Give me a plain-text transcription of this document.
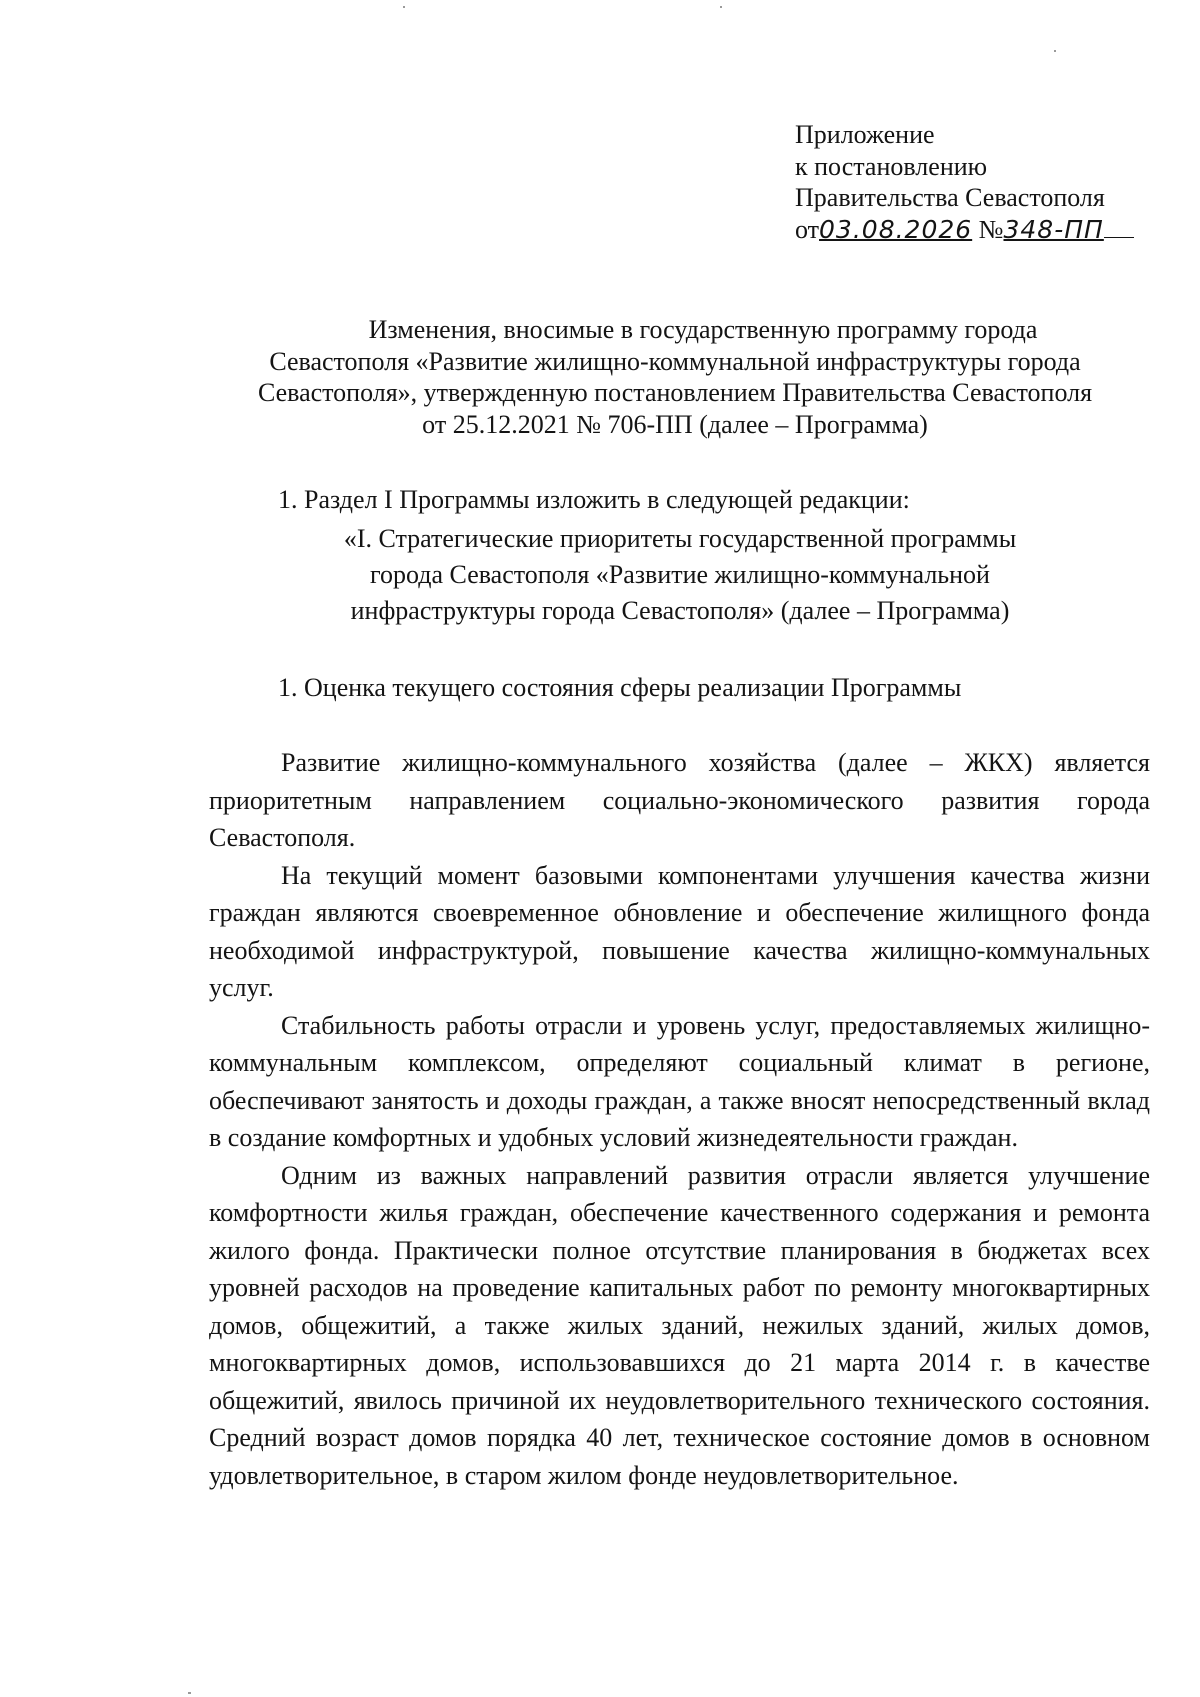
Приложение
к постановлению
Правительства Севастополя
от03.08.2026 №348-ПП
Изменения, вносимые в государственную программу города
Севастополя «Развитие жилищно-коммунальной инфраструктуры города
Севастополя», утвержденную постановлением Правительства Севастополя
от 25.12.2021 № 706-ПП (далее – Программа)
1. Раздел I Программы изложить в следующей редакции:
«I. Стратегические приоритеты государственной программы
города Севастополя «Развитие жилищно-коммунальной
инфраструктуры города Севастополя» (далее – Программа)
1. Оценка текущего состояния сферы реализации Программы

Развитие жилищно-коммунального хозяйства (далее – ЖКХ) является приоритетным направлением социально-экономического развития города Севастополя.

На текущий момент базовыми компонентами улучшения качества жизни граждан являются своевременное обновление и обеспечение жилищного фонда необходимой инфраструктурой, повышение качества жилищно-коммунальных услуг.

Стабильность работы отрасли и уровень услуг, предоставляемых жилищно-коммунальным комплексом, определяют социальный климат в регионе, обеспечивают занятость и доходы граждан, а также вносят непосредственный вклад в создание комфортных и удобных условий жизнедеятельности граждан.

Одним из важных направлений развития отрасли является улучшение комфортности жилья граждан, обеспечение качественного содержания и ремонта жилого фонда. Практически полное отсутствие планирования в бюджетах всех уровней расходов на проведение капитальных работ по ремонту многоквартирных домов, общежитий, а также жилых зданий, нежилых зданий, жилых домов, многоквартирных домов, использовавшихся до 21 марта 2014 г. в качестве общежитий, явилось причиной их неудовлетворительного технического состояния. Средний возраст домов порядка 40 лет, техническое состояние домов в основном удовлетворительное, в старом жилом фонде неудовлетворительное.
